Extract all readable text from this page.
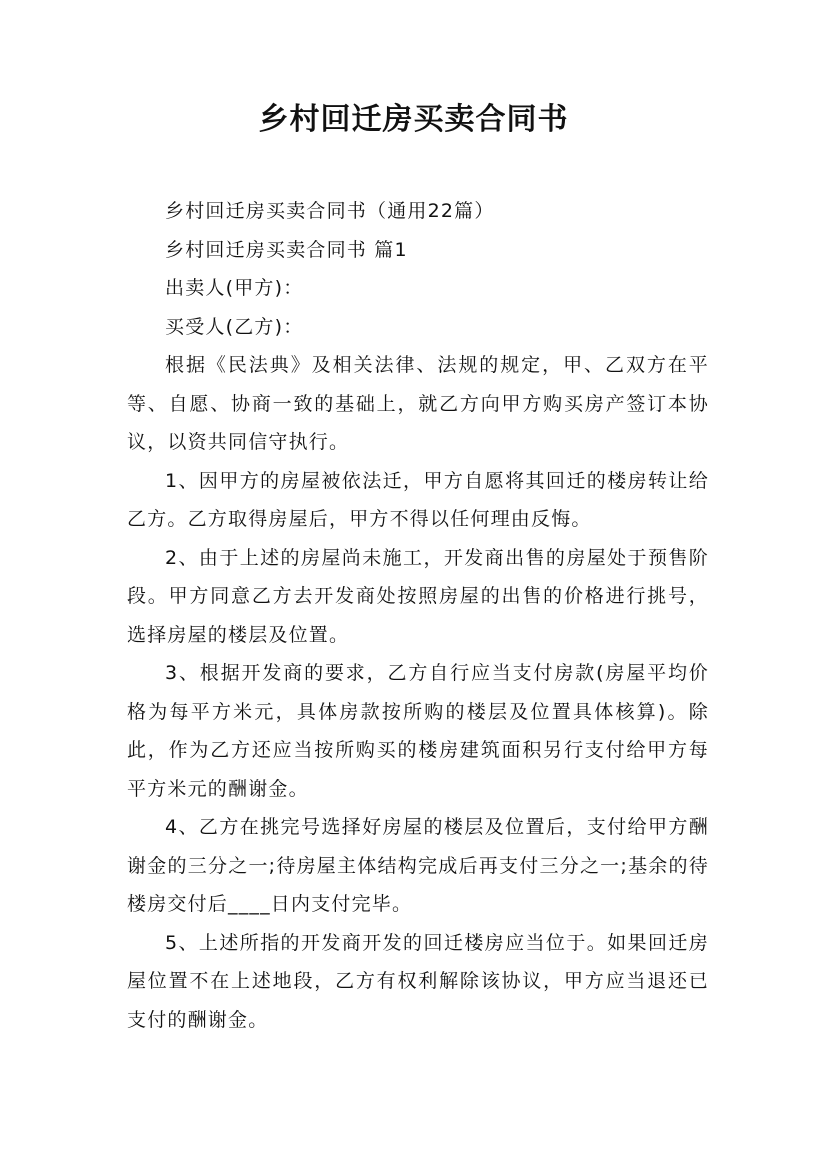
乡村回迁房买卖合同书

乡村回迁房买卖合同书（通用22篇）

乡村回迁房买卖合同书 篇1

出卖人(甲方)：

买受人(乙方)：

根据《民法典》及相关法律、法规的规定，甲、乙双方在平等、自愿、协商一致的基础上，就乙方向甲方购买房产签订本协议，以资共同信守执行。

1、因甲方的房屋被依法迁，甲方自愿将其回迁的楼房转让给乙方。乙方取得房屋后，甲方不得以任何理由反悔。

2、由于上述的房屋尚未施工，开发商出售的房屋处于预售阶段。甲方同意乙方去开发商处按照房屋的出售的价格进行挑号，选择房屋的楼层及位置。

3、根据开发商的要求，乙方自行应当支付房款(房屋平均价格为每平方米元，具体房款按所购的楼层及位置具体核算)。除此，作为乙方还应当按所购买的楼房建筑面积另行支付给甲方每平方米元的酬谢金。

4、乙方在挑完号选择好房屋的楼层及位置后，支付给甲方酬谢金的三分之一;待房屋主体结构完成后再支付三分之一;基余的待楼房交付后____日内支付完毕。

5、上述所指的开发商开发的回迁楼房应当位于。如果回迁房屋位置不在上述地段，乙方有权利解除该协议，甲方应当退还已支付的酬谢金。
